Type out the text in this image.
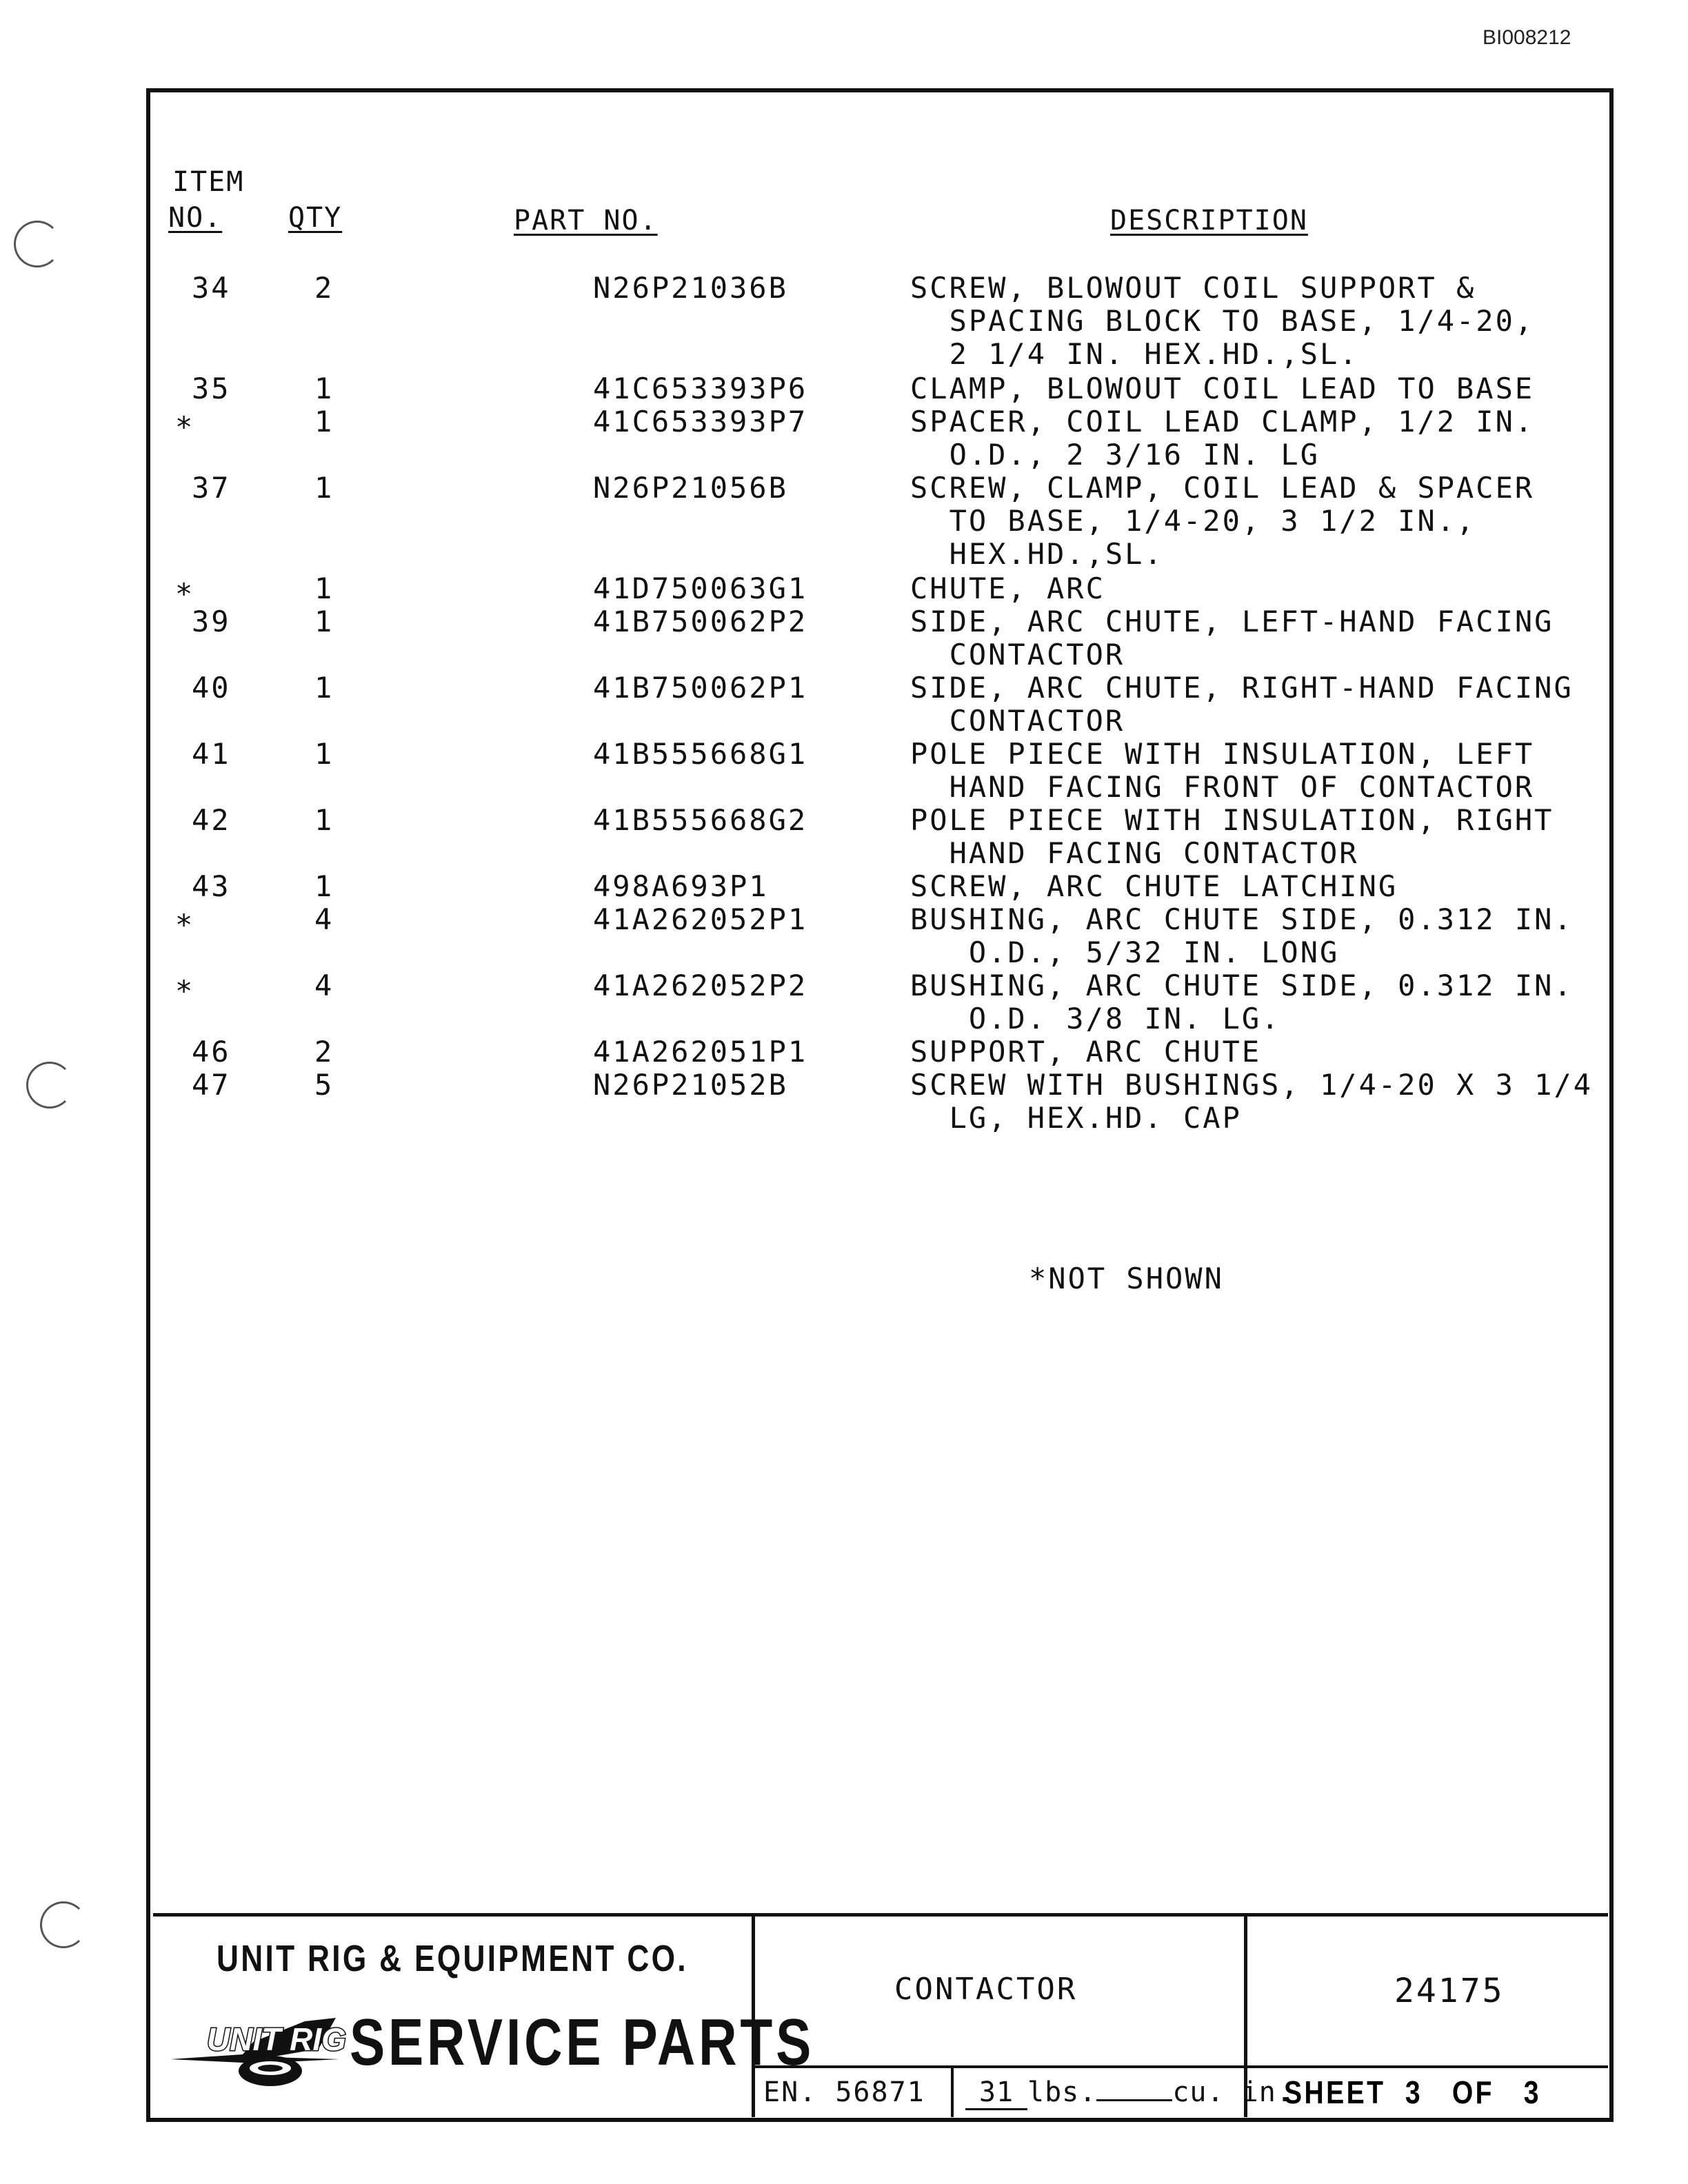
BI008212
ITEM
NO. QTY	PART NO.	DESCRIPTION
34	2	N26P21036B	SCREW, BLOWOUT COIL SUPPORT &
SPACING BLOCK TO BASE, 1/4-20,
2 1/4 IN. HEX.HD.,SL.
35	1	41C653393P6	CLAMP, BLOWOUT COIL LEAD TO BASE
*	1	41C653393P7	SPACER, COIL LEAD CLAMP, 1/2 IN.
O.D., 2 3/16 IN. LG
37	1	N26P21056B	SCREW, CLAMP, COIL LEAD & SPACER
TO BASE, 1/4-20, 3 1/2 IN.,
HEX.HD.,SL.
*	1	41D750063G1	CHUTE, ARC
39	1	41B750062P2	SIDE, ARC CHUTE, LEFT-HAND FACING
CONTACTOR
40	1	41B750062P1	SIDE, ARC CHUTE, RIGHT-HAND FACING
CONTACTOR
41	1	41B555668G1	POLE PIECE WITH INSULATION, LEFT
HAND FACING FRONT OF CONTACTOR
42	1	41B555668G2	POLE PIECE WITH INSULATION, RIGHT
HAND FACING CONTACTOR
43	1	498A693P1	SCREW, ARC CHUTE LATCHING
*	4	41A262052P1	BUSHING, ARC CHUTE SIDE, 0.312 IN.
O.D., 5/32 IN. LONG
*	4	41A262052P2	BUSHING, ARC CHUTE SIDE, 0.312 IN.
O.D. 3/8 IN. LG.
46	2	41A262051P1	SUPPORT, ARC CHUTE
47	5	N26P21052B	SCREW WITH BUSHINGS, 1/4-20 X 3 1/4
LG, HEX.HD. CAP
*NOT SHOWN
UNIT RIG & EQUIPMENT CO.
UNIT RIG SERVICE PARTS
CONTACTOR	24175
EN. 56871	31 lbs.	cu. in.
SHEET 3 OF 3
